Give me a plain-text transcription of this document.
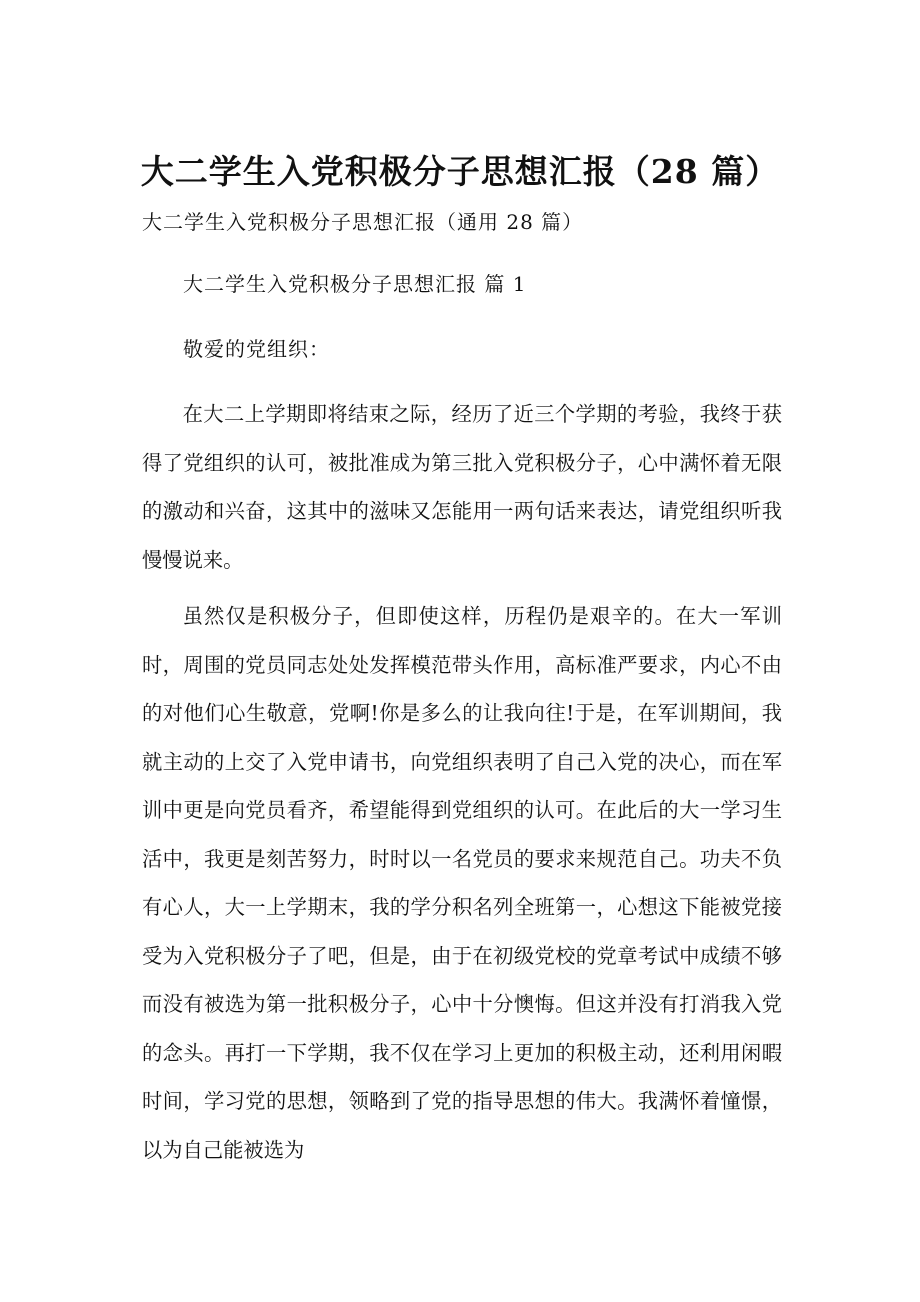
大二学生入党积极分子思想汇报（28 篇）
大二学生入党积极分子思想汇报（通用 28 篇）
大二学生入党积极分子思想汇报 篇 1
敬爱的党组织：
在大二上学期即将结束之际，经历了近三个学期的考验，我终于获得了党组织的认可，被批准成为第三批入党积极分子，心中满怀着无限的激动和兴奋，这其中的滋味又怎能用一两句话来表达，请党组织听我慢慢说来。
虽然仅是积极分子，但即使这样，历程仍是艰辛的。在大一军训时，周围的党员同志处处发挥模范带头作用，高标准严要求，内心不由的对他们心生敬意，党啊!你是多么的让我向往!于是，在军训期间，我就主动的上交了入党申请书，向党组织表明了自己入党的决心，而在军训中更是向党员看齐，希望能得到党组织的认可。在此后的大一学习生活中，我更是刻苦努力，时时以一名党员的要求来规范自己。功夫不负有心人，大一上学期末，我的学分积名列全班第一，心想这下能被党接受为入党积极分子了吧，但是，由于在初级党校的党章考试中成绩不够而没有被选为第一批积极分子，心中十分懊悔。但这并没有打消我入党的念头。再打一下学期，我不仅在学习上更加的积极主动，还利用闲暇时间，学习党的思想，领略到了党的指导思想的伟大。我满怀着憧憬，以为自己能被选为
